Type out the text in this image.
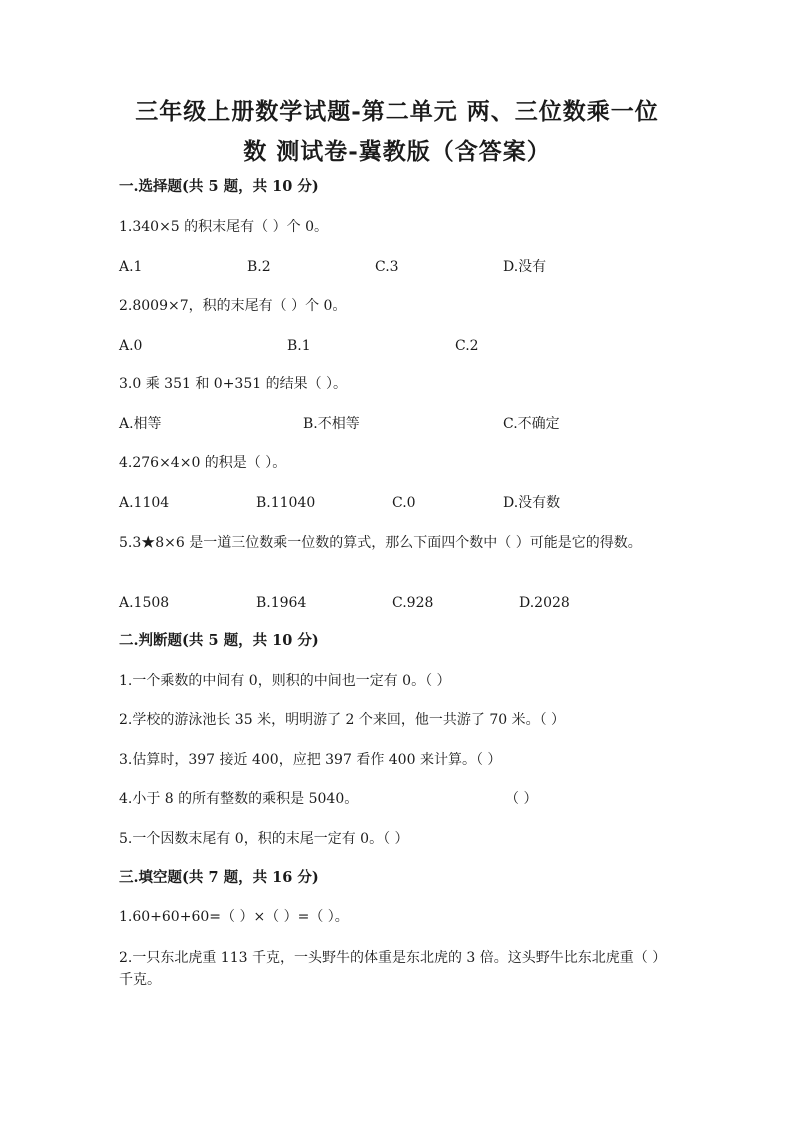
三年级上册数学试题-第二单元 两、三位数乘一位
数 测试卷-冀教版（含答案）
一.选择题(共 5 题，共 10 分)
1.340×5 的积末尾有（ ）个 0。
A.1	B.2	C.3	D.没有
2.8009×7，积的末尾有（ ）个 0。
A.0	B.1	C.2
3.0 乘 351 和 0+351 的结果（ ）。
A.相等	B.不相等	C.不确定
4.276×4×0 的积是（ ）。
A.1104	B.11040	C.0	D.没有数
5.3★8×6 是一道三位数乘一位数的算式，那么下面四个数中（ ）可能是它的得数。
A.1508	B.1964	C.928	D.2028
二.判断题(共 5 题，共 10 分)
1.一个乘数的中间有 0，则积的中间也一定有 0。（ ）
2.学校的游泳池长 35 米，明明游了 2 个来回，他一共游了 70 米。（ ）
3.估算时，397 接近 400，应把 397 看作 400 来计算。（ ）
4.小于 8 的所有整数的乘积是 5040。	（ ）
5.一个因数末尾有 0，积的末尾一定有 0。（ ）
三.填空题(共 7 题，共 16 分)
1.60+60+60=（ ）×（ ）=（ ）。
2.一只东北虎重 113 千克，一头野牛的体重是东北虎的 3 倍。这头野牛比东北虎重（ ）千克。
